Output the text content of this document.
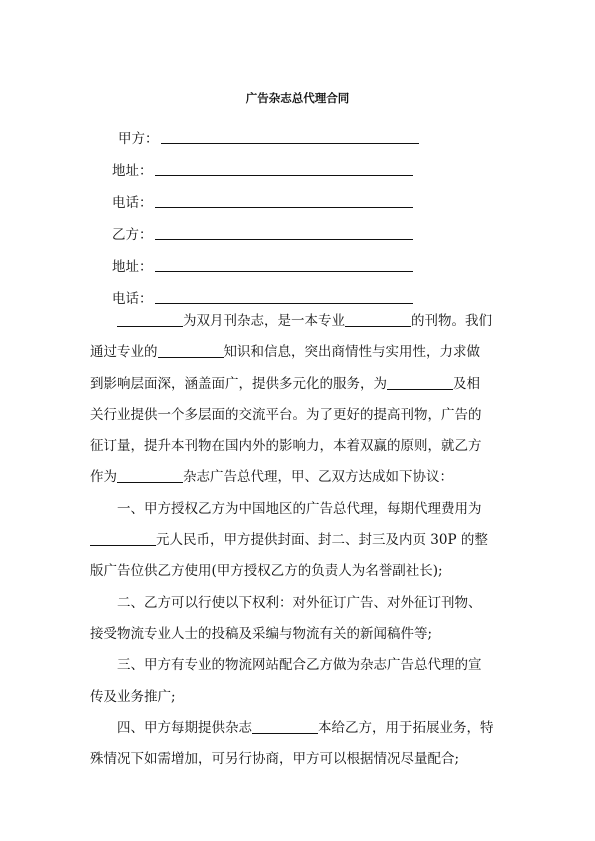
广告杂志总代理合同
甲方：
地址：
电话：
乙方：
地址：
电话：

为双月刊杂志，是一本专业	的刊物。我们

通过专业的	知识和信息，突出商情性与实用性，力求做

到影响层面深，涵盖面广，提供多元化的服务，为	及相

关行业提供一个多层面的交流平台。为了更好的提高刊物，广告的

征订量，提升本刊物在国内外的影响力，本着双赢的原则，就乙方

作为	杂志广告总代理，甲、乙双方达成如下协议：

一、甲方授权乙方为中国地区的广告总代理，每期代理费用为

元人民币，甲方提供封面、封二、封三及内页 30P 的整

版广告位供乙方使用(甲方授权乙方的负责人为名誉副社长);

二、乙方可以行使以下权利：对外征订广告、对外征订刊物、

接受物流专业人士的投稿及采编与物流有关的新闻稿件等;

三、甲方有专业的物流网站配合乙方做为杂志广告总代理的宣

传及业务推广;

四、甲方每期提供杂志	本给乙方，用于拓展业务，特

殊情况下如需增加，可另行协商，甲方可以根据情况尽量配合;
